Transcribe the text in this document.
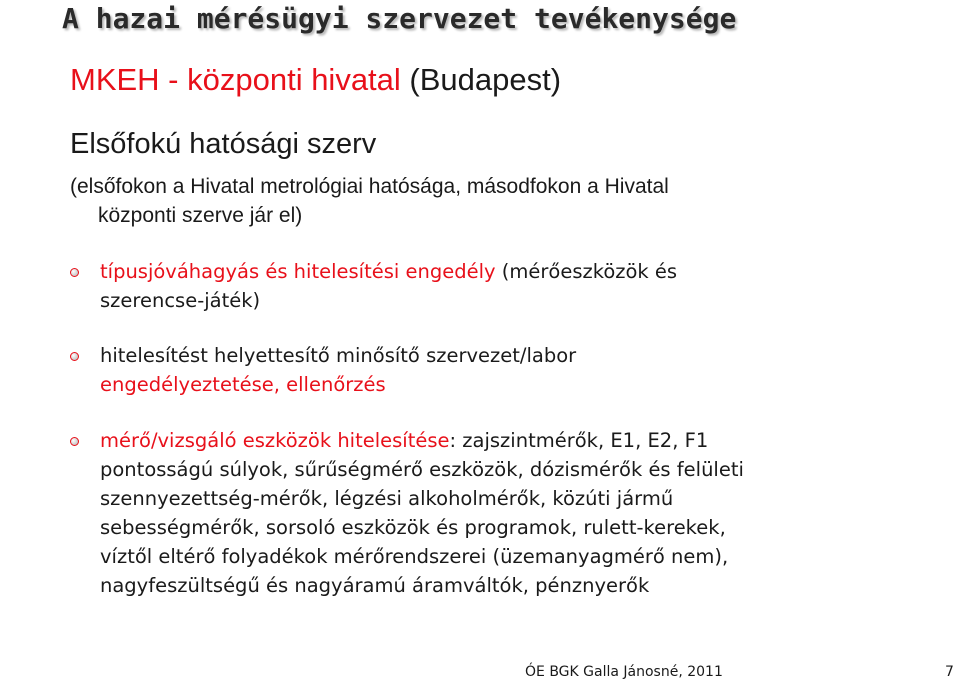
A hazai mérésügyi szervezet tevékenysége
MKEH - központi hivatal (Budapest)
Elsőfokú hatósági szerv
(elsőfokon a Hivatal metrológiai hatósága, másodfokon a Hivatal
központi szerve jár el)
típusjóváhagyás és hitelesítési engedély (mérőeszközök és
szerencse-játék)
hitelesítést helyettesítő minősítő szervezet/labor
engedélyeztetése, ellenőrzés
mérő/vizsgáló eszközök hitelesítése: zajszintmérők, E1, E2, F1
pontosságú súlyok, sűrűségmérő eszközök, dózismérők és felületi
szennyezettség-mérők, légzési alkoholmérők, közúti jármű
sebességmérők, sorsoló eszközök és programok, rulett-kerekek,
víztől eltérő folyadékok mérőrendszerei (üzemanyagmérő nem),
nagyfeszültségű és nagyáramú áramváltók, pénznyerők
ÓE BGK Galla Jánosné, 2011	7
